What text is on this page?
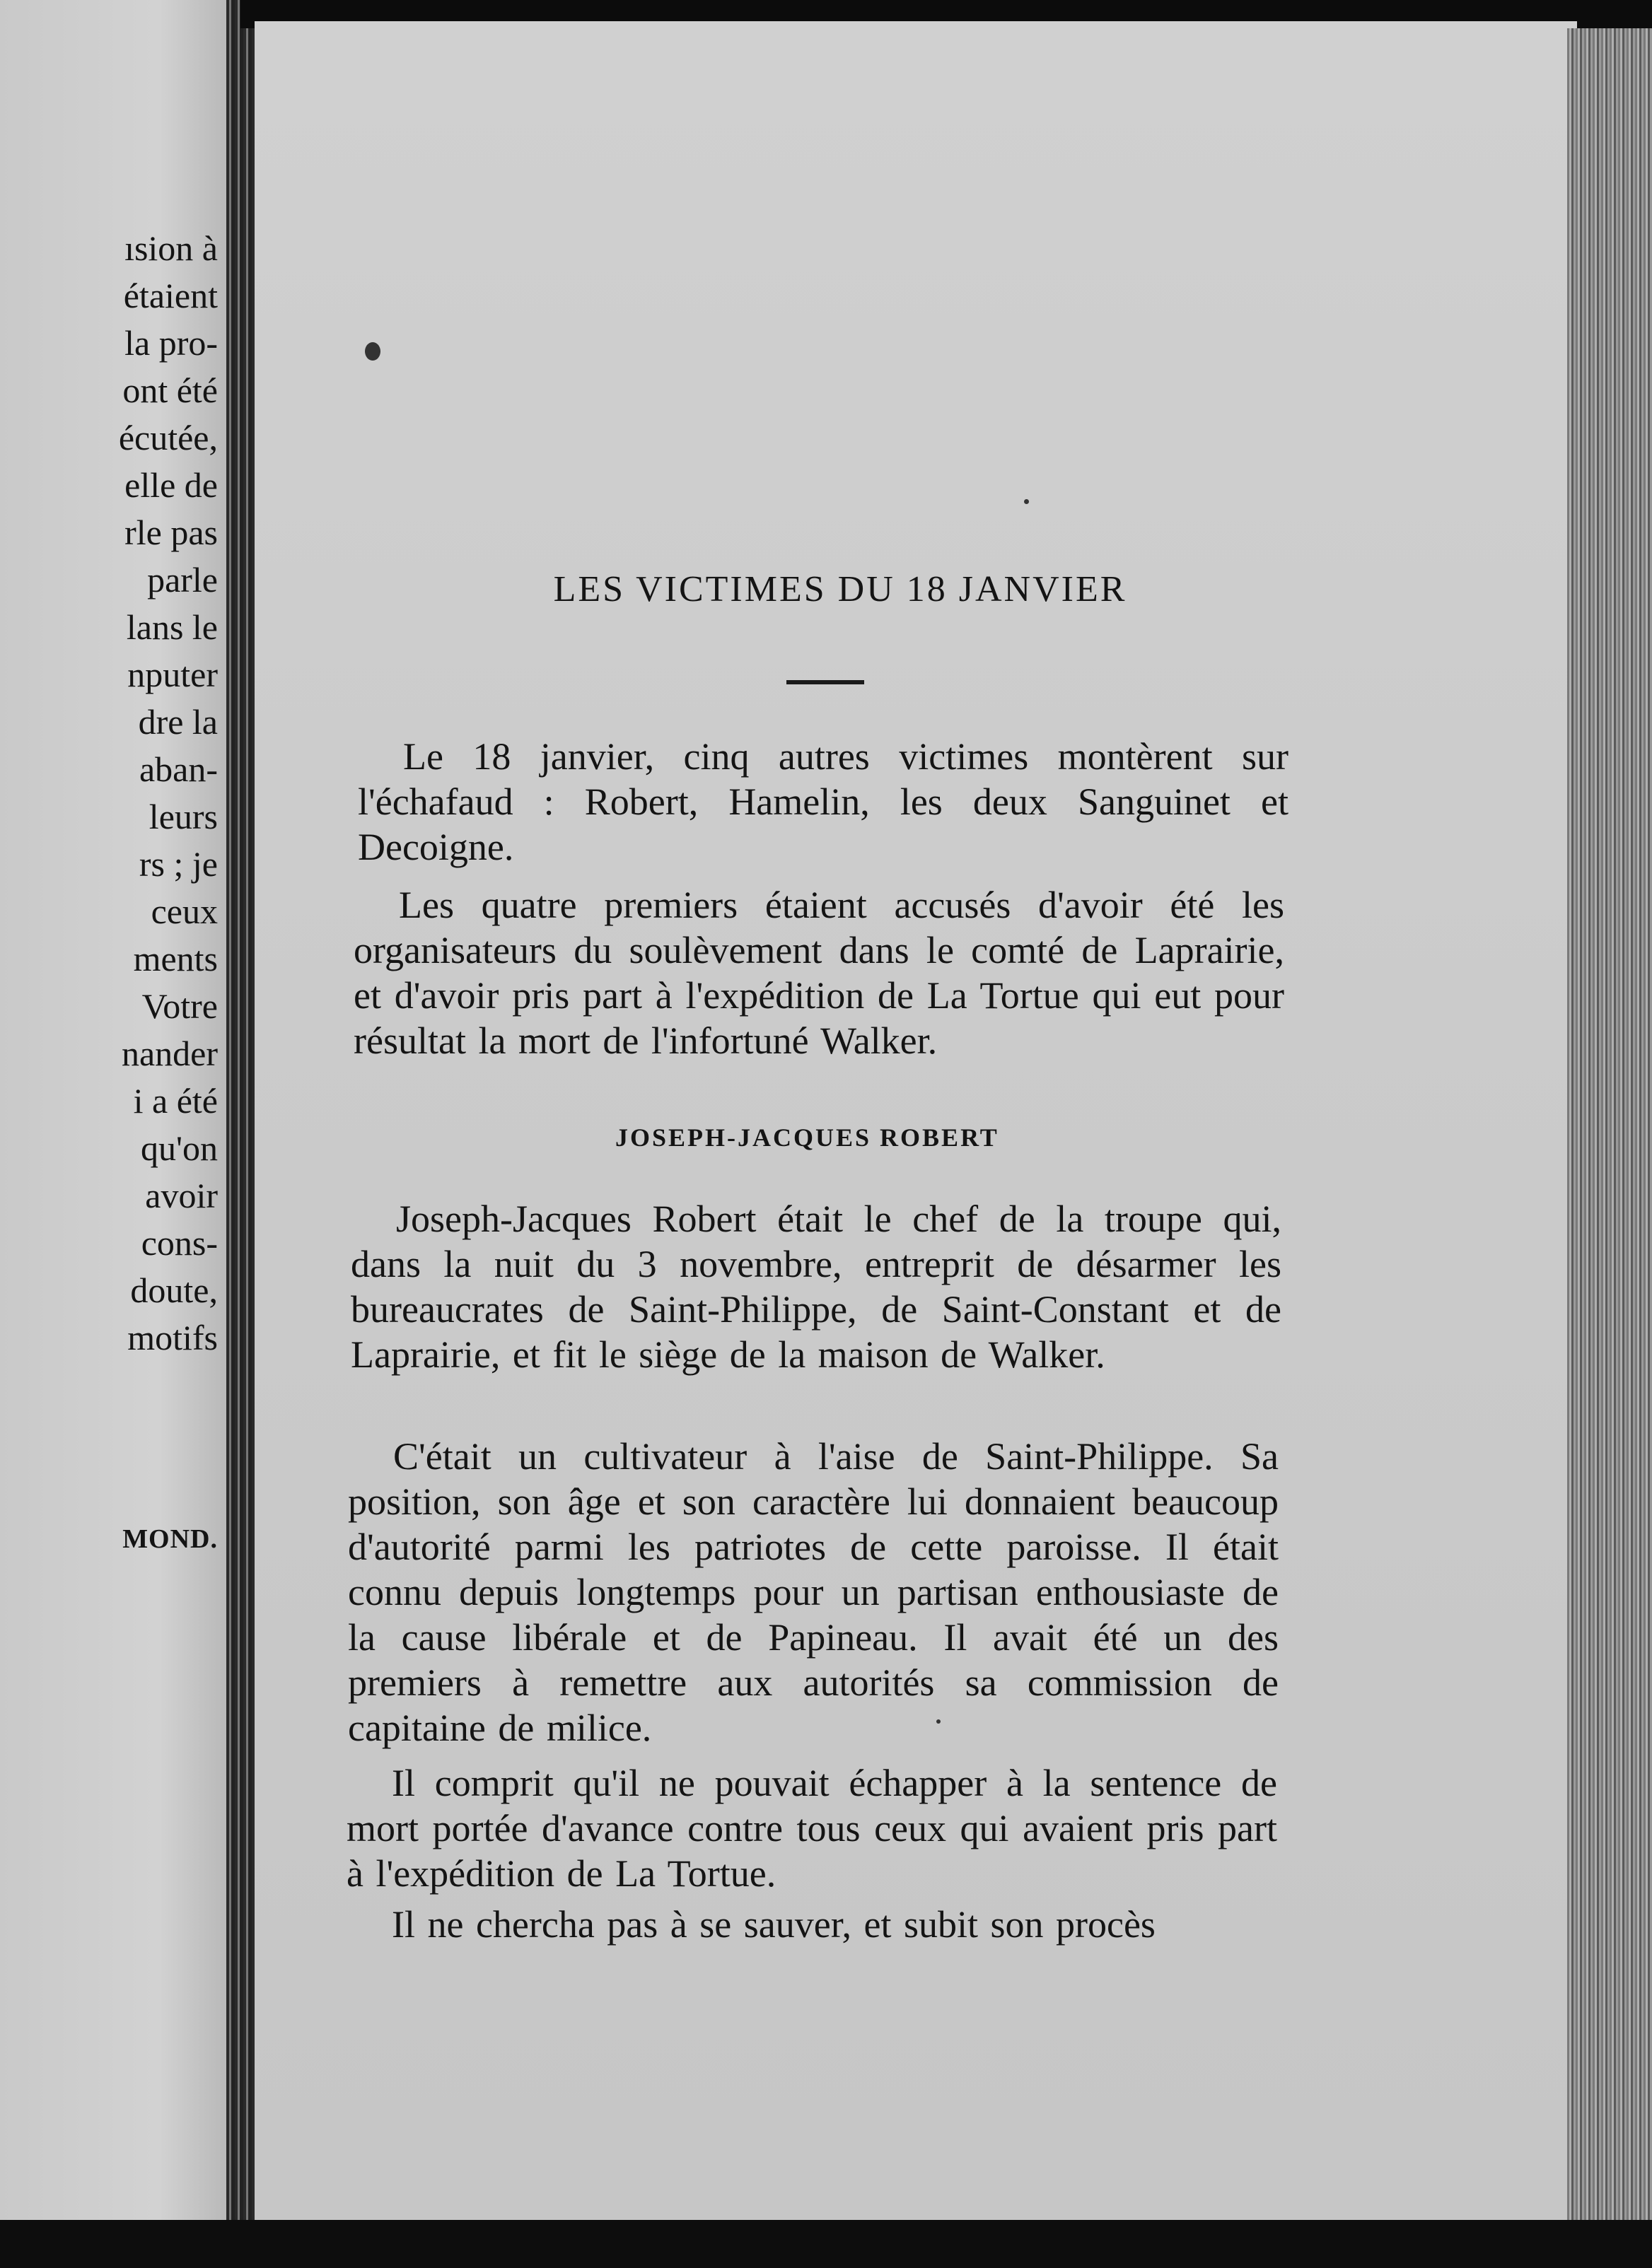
ısion à
étaient
la pro-
ont été
écutée,
elle de
rle pas
parle
lans le
nputer
dre la
aban-
leurs
rs ; je
ceux
ments
Votre
nander
i a été
qu'on
avoir
cons-
doute,
motifs
MOND.
LES VICTIMES DU 18 JANVIER

Le 18 janvier, cinq autres victimes montèrent sur l'échafaud : Robert, Hamelin, les deux Sanguinet et Decoigne.

Les quatre premiers étaient accusés d'avoir été les organisateurs du soulèvement dans le comté de Laprairie, et d'avoir pris part à l'expédition de La Tortue qui eut pour résultat la mort de l'infortuné Walker.

JOSEPH-JACQUES ROBERT

Joseph-Jacques Robert était le chef de la troupe qui, dans la nuit du 3 novembre, entreprit de désarmer les bureaucrates de Saint-Philippe, de Saint-Constant et de Laprairie, et fit le siège de la maison de Walker.

C'était un cultivateur à l'aise de Saint-Philippe. Sa position, son âge et son caractère lui donnaient beaucoup d'autorité parmi les patriotes de cette paroisse. Il était connu depuis longtemps pour un partisan enthousiaste de la cause libérale et de Papineau. Il avait été un des premiers à remettre aux autorités sa commission de capitaine de milice.

Il comprit qu'il ne pouvait échapper à la sentence de mort portée d'avance contre tous ceux qui avaient pris part à l'expédition de La Tortue.

Il ne chercha pas à se sauver, et subit son procès
